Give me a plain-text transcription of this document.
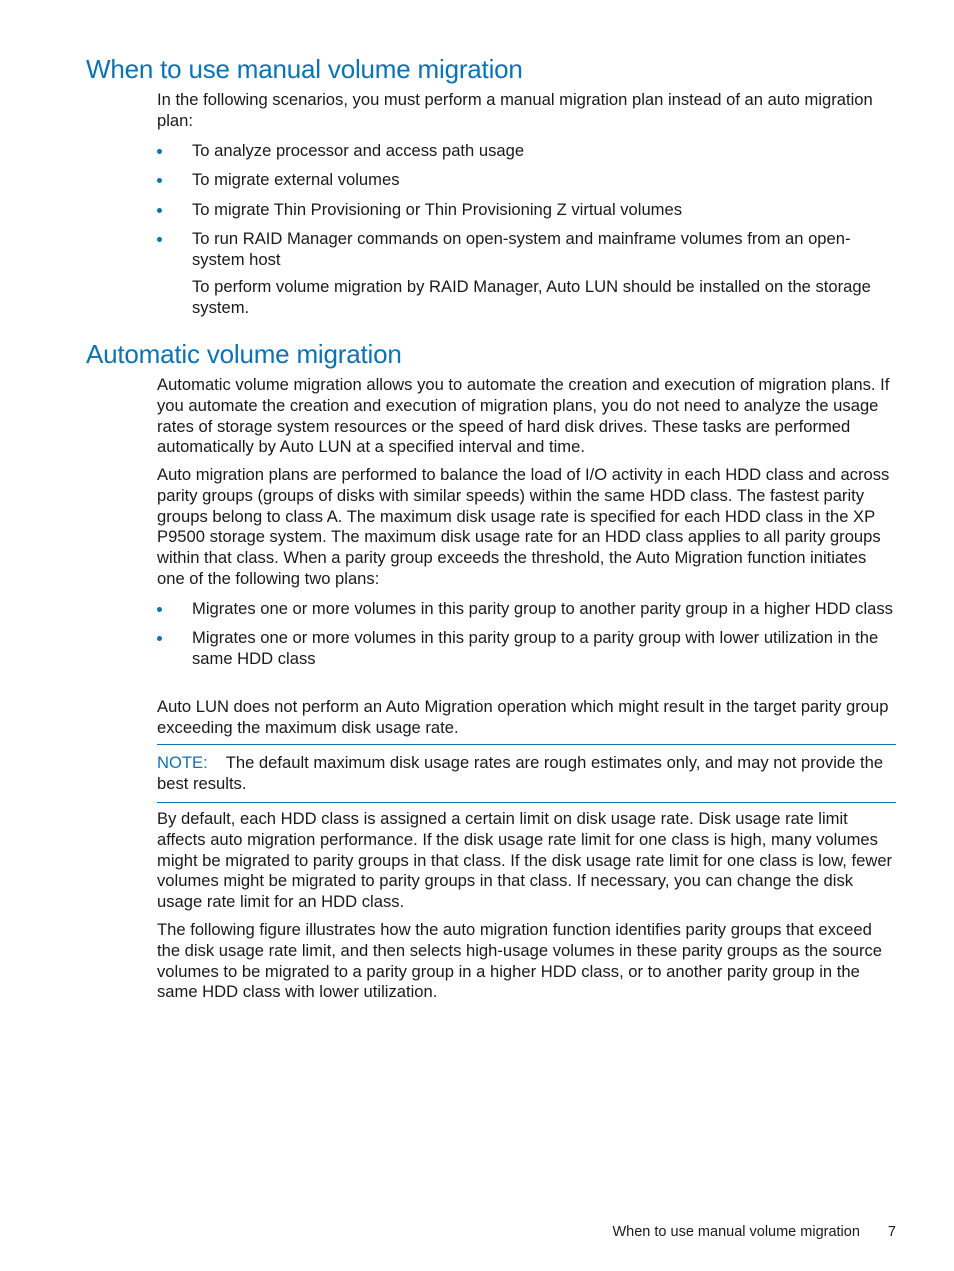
When to use manual volume migration

In the following scenarios, you must perform a manual migration plan instead of an auto migration plan:

To analyze processor and access path usage
To migrate external volumes
To migrate Thin Provisioning or Thin Provisioning Z virtual volumes
To run RAID Manager commands on open-system and mainframe volumes from an open-system host

To perform volume migration by RAID Manager, Auto LUN should be installed on the storage system.

Automatic volume migration

Automatic volume migration allows you to automate the creation and execution of migration plans. If you automate the creation and execution of migration plans, you do not need to analyze the usage rates of storage system resources or the speed of hard disk drives. These tasks are performed automatically by Auto LUN at a specified interval and time.

Auto migration plans are performed to balance the load of I/O activity in each HDD class and across parity groups (groups of disks with similar speeds) within the same HDD class. The fastest parity groups belong to class A. The maximum disk usage rate is specified for each HDD class in the XP P9500 storage system. The maximum disk usage rate for an HDD class applies to all parity groups within that class. When a parity group exceeds the threshold, the Auto Migration function initiates one of the following two plans:

Migrates one or more volumes in this parity group to another parity group in a higher HDD class
Migrates one or more volumes in this parity group to a parity group with lower utilization in the same HDD class

Auto LUN does not perform an Auto Migration operation which might result in the target parity group exceeding the maximum disk usage rate.

NOTE: The default maximum disk usage rates are rough estimates only, and may not provide the best results.

By default, each HDD class is assigned a certain limit on disk usage rate. Disk usage rate limit affects auto migration performance. If the disk usage rate limit for one class is high, many volumes might be migrated to parity groups in that class. If the disk usage rate limit for one class is low, fewer volumes might be migrated to parity groups in that class. If necessary, you can change the disk usage rate limit for an HDD class.

The following figure illustrates how the auto migration function identifies parity groups that exceed the disk usage rate limit, and then selects high-usage volumes in these parity groups as the source volumes to be migrated to a parity group in a higher HDD class, or to another parity group in the same HDD class with lower utilization.

When to use manual volume migration 7
